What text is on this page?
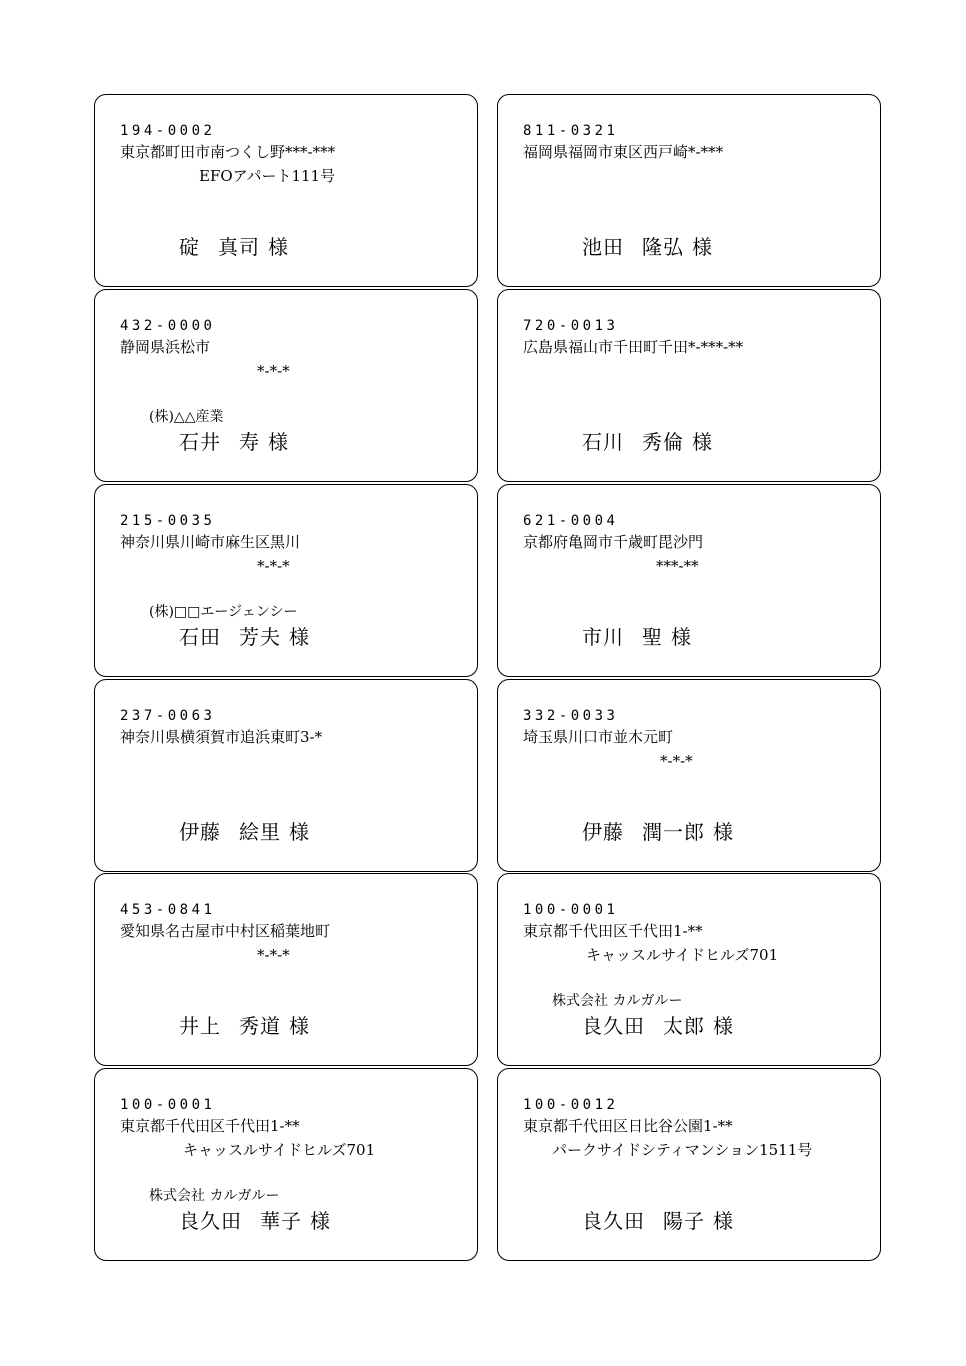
194-0002

東京都町田市南つくし野***-***

EFOアパート111号

碇 真司 様

432-0000

静岡県浜松市

*-*-*

(株)△△産業

石井 寿 様

215-0035

神奈川県川崎市麻生区黒川

*-*-*

(株)□□エージェンシー

石田 芳夫 様

237-0063

神奈川県横須賀市追浜東町3-*

伊藤 絵里 様

453-0841

愛知県名古屋市中村区稲葉地町

*-*-*

井上 秀道 様

100-0001

東京都千代田区千代田1-**

キャッスルサイドヒルズ701

株式会社 カルガルー

良久田 華子 様

811-0321

福岡県福岡市東区西戸崎*-***

池田 隆弘 様

720-0013

広島県福山市千田町千田*-***-**

石川 秀倫 様

621-0004

京都府亀岡市千歳町毘沙門

***-**

市川 聖 様

332-0033

埼玉県川口市並木元町

*-*-*

伊藤 潤一郎 様

100-0001

東京都千代田区千代田1-**

キャッスルサイドヒルズ701

株式会社 カルガルー

良久田 太郎 様

100-0012

東京都千代田区日比谷公園1-**

パークサイドシティマンション1511号

良久田 陽子 様
